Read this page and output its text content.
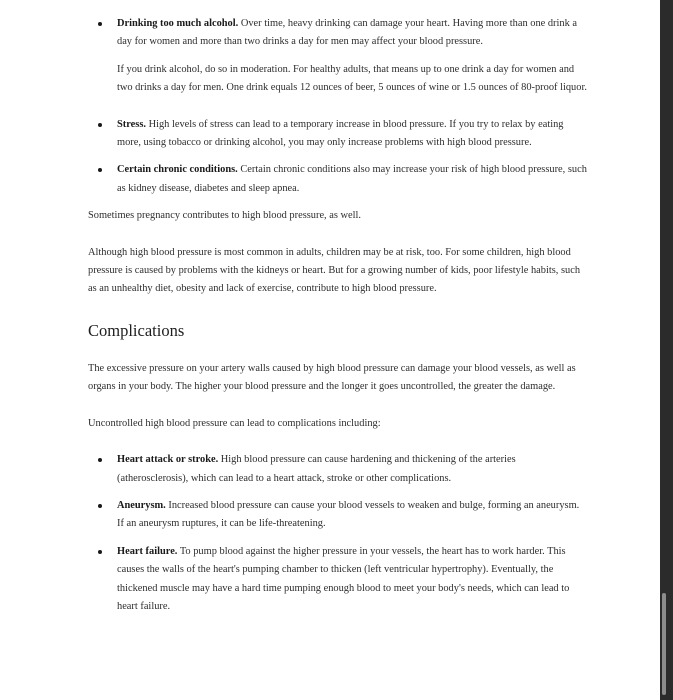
Drinking too much alcohol. Over time, heavy drinking can damage your heart. Having more than one drink a day for women and more than two drinks a day for men may affect your blood pressure.

If you drink alcohol, do so in moderation. For healthy adults, that means up to one drink a day for women and two drinks a day for men. One drink equals 12 ounces of beer, 5 ounces of wine or 1.5 ounces of 80-proof liquor.

Stress. High levels of stress can lead to a temporary increase in blood pressure. If you try to relax by eating more, using tobacco or drinking alcohol, you may only increase problems with high blood pressure.
Certain chronic conditions. Certain chronic conditions also may increase your risk of high blood pressure, such as kidney disease, diabetes and sleep apnea.

Sometimes pregnancy contributes to high blood pressure, as well.

Although high blood pressure is most common in adults, children may be at risk, too. For some children, high blood pressure is caused by problems with the kidneys or heart. But for a growing number of kids, poor lifestyle habits, such as an unhealthy diet, obesity and lack of exercise, contribute to high blood pressure.

Complications

The excessive pressure on your artery walls caused by high blood pressure can damage your blood vessels, as well as organs in your body. The higher your blood pressure and the longer it goes uncontrolled, the greater the damage.

Uncontrolled high blood pressure can lead to complications including:

Heart attack or stroke. High blood pressure can cause hardening and thickening of the arteries (atherosclerosis), which can lead to a heart attack, stroke or other complications.
Aneurysm. Increased blood pressure can cause your blood vessels to weaken and bulge, forming an aneurysm. If an aneurysm ruptures, it can be life-threatening.
Heart failure. To pump blood against the higher pressure in your vessels, the heart has to work harder. This causes the walls of the heart's pumping chamber to thicken (left ventricular hypertrophy). Eventually, the thickened muscle may have a hard time pumping enough blood to meet your body's needs, which can lead to heart failure.
